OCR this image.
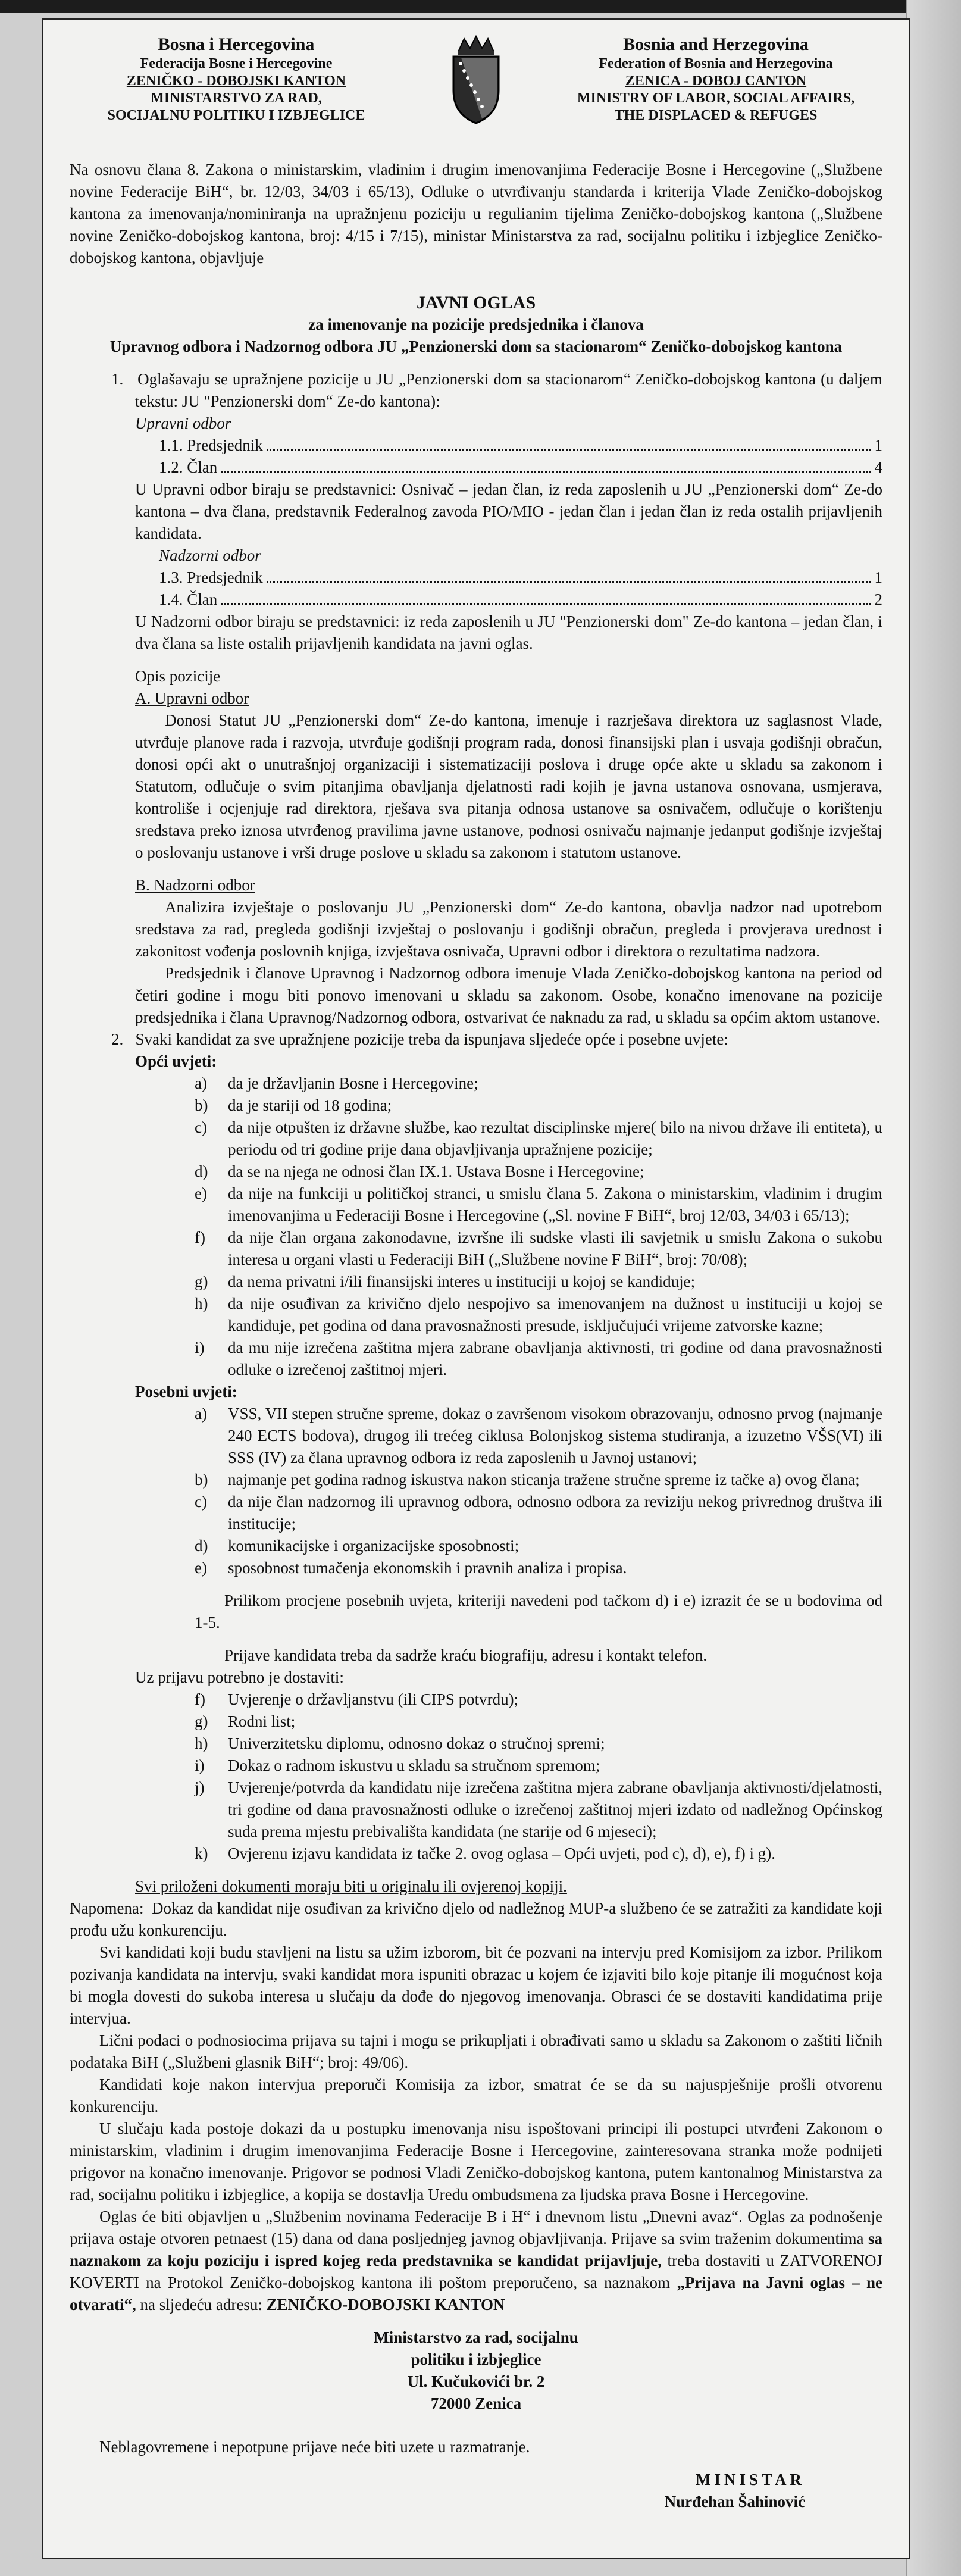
Bosna i Hercegovina
Federacija Bosne i Hercegovine
ZENIČKO - DOBOJSKI KANTON
MINISTARSTVO ZA RAD,
SOCIJALNU POLITIKU I IZBJEGLICE
Bosnia and Herzegovina
Federation of Bosnia and Herzegovina
ZENICA - DOBOJ CANTON
MINISTRY OF LABOR, SOCIAL AFFAIRS,
THE DISPLACED & REFUGES

Na osnovu člana 8. Zakona o ministarskim, vladinim i drugim imenovanjima Federacije Bosne i Hercegovine („Službene novine Federacije BiH“, br. 12/03, 34/03 i 65/13), Odluke o utvrđivanju standarda i kriterija Vlade Zeničko-dobojskog kantona za imenovanja/nominiranja na upražnjenu poziciju u regulianim tijelima Zeničko-dobojskog kantona („Službene novine Zeničko-dobojskog kantona, broj: 4/15 i 7/15), ministar Ministarstva za rad, socijalnu politiku i izbjeglice Zeničko-dobojskog kantona, objavljuje

JAVNI OGLAS
za imenovanje na pozicije predsjednika i članova
Upravnog odbora i Nadzornog odbora JU „Penzionerski dom sa stacionarom“ Zeničko-dobojskog kantona

1. Oglašavaju se upražnjene pozicije u JU „Penzionerski dom sa stacionarom“ Zeničko-dobojskog kantona (u daljem tekstu: JU "Penzionerski dom“ Ze-do kantona):

Upravni odbor
1.1. Predsjednik	1
1.2. Član	4

U Upravni odbor biraju se predstavnici: Osnivač – jedan član, iz reda zaposlenih u JU „Penzionerski dom“ Ze-do kantona – dva člana, predstavnik Federalnog zavoda PIO/MIO - jedan član i jedan član iz reda ostalih prijavljenih kandidata.

Nadzorni odbor
1.3. Predsjednik	1
1.4. Član	2

U Nadzorni odbor biraju se predstavnici: iz reda zaposlenih u JU "Penzionerski dom" Ze-do kantona – jedan član, i dva člana sa liste ostalih prijavljenih kandidata na javni oglas.

Opis pozicije
A. Upravni odbor

Donosi Statut JU „Penzionerski dom“ Ze-do kantona, imenuje i razrješava direktora uz saglasnost Vlade, utvrđuje planove rada i razvoja, utvrđuje godišnji program rada, donosi finansijski plan i usvaja godišnji obračun, donosi opći akt o unutrašnjoj organizaciji i sistematizaciji poslova i druge opće akte u skladu sa zakonom i Statutom, odlučuje o svim pitanjima obavljanja djelatnosti radi kojih je javna ustanova osnovana, usmjerava, kontroliše i ocjenjuje rad direktora, rješava sva pitanja odnosa ustanove sa osnivačem, odlučuje o korištenju sredstava preko iznosa utvrđenog pravilima javne ustanove, podnosi osnivaču najmanje jedanput godišnje izvještaj o poslovanju ustanove i vrši druge poslove u skladu sa zakonom i statutom ustanove.

B. Nadzorni odbor

Analizira izvještaje o poslovanju JU „Penzionerski dom“ Ze-do kantona, obavlja nadzor nad upotrebom sredstava za rad, pregleda godišnji izvještaj o poslovanju i godišnji obračun, pregleda i provjerava urednost i zakonitost vođenja poslovnih knjiga, izvještava osnivača, Upravni odbor i direktora o rezultatima nadzora.

Predsjednik i članove Upravnog i Nadzornog odbora imenuje Vlada Zeničko-dobojskog kantona na period od četiri godine i mogu biti ponovo imenovani u skladu sa zakonom. Osobe, konačno imenovane na pozicije predsjednika i člana Upravnog/Nadzornog odbora, ostvarivat će naknadu za rad, u skladu sa općim aktom ustanove.

2. Svaki kandidat za sve upražnjene pozicije treba da ispunjava sljedeće opće i posebne uvjete:

Opći uvjeti:
a)	da je državljanin Bosne i Hercegovine;
b)	da je stariji od 18 godina;
c)	da nije otpušten iz državne službe, kao rezultat disciplinske mjere( bilo na nivou države ili entiteta), u periodu od tri godine prije dana objavljivanja upražnjene pozicije;
d)	da se na njega ne odnosi član IX.1. Ustava Bosne i Hercegovine;
e)	da nije na funkciji u političkoj stranci, u smislu člana 5. Zakona o ministarskim, vladinim i drugim imenovanjima u Federaciji Bosne i Hercegovine („Sl. novine F BiH“, broj 12/03, 34/03 i 65/13);
f)	da nije član organa zakonodavne, izvršne ili sudske vlasti ili savjetnik u smislu Zakona o sukobu interesa u organi vlasti u Federaciji BiH („Službene novine F BiH“, broj: 70/08);
g)	da nema privatni i/ili finansijski interes u instituciji u kojoj se kandiduje;
h)	da nije osuđivan za krivično djelo nespojivo sa imenovanjem na dužnost u instituciji u kojoj se kandiduje, pet godina od dana pravosnažnosti presude, isključujući vrijeme zatvorske kazne;
i)	da mu nije izrečena zaštitna mjera zabrane obavljanja aktivnosti, tri godine od dana pravosnažnosti odluke o izrečenoj zaštitnoj mjeri.
Posebni uvjeti:
a)	VSS, VII stepen stručne spreme, dokaz o završenom visokom obrazovanju, odnosno prvog (najmanje 240 ECTS bodova), drugog ili trećeg ciklusa Bolonjskog sistema studiranja, a izuzetno VŠS(VI) ili SSS (IV) za člana upravnog odbora iz reda zaposlenih u Javnoj ustanovi;
b)	najmanje pet godina radnog iskustva nakon sticanja tražene stručne spreme iz tačke a) ovog člana;
c)	da nije član nadzornog ili upravnog odbora, odnosno odbora za reviziju nekog privrednog društva ili institucije;
d)	komunikacijske i organizacijske sposobnosti;
e)	sposobnost tumačenja ekonomskih i pravnih analiza i propisa.

Prilikom procjene posebnih uvjeta, kriteriji navedeni pod tačkom d) i e) izrazit će se u bodovima od 1-5.

Prijave kandidata treba da sadrže kraću biografiju, adresu i kontakt telefon.

Uz prijavu potrebno je dostaviti:
f)	Uvjerenje o državljanstvu (ili CIPS potvrdu);
g)	Rodni list;
h)	Univerzitetsku diplomu, odnosno dokaz o stručnoj spremi;
i)	Dokaz o radnom iskustvu u skladu sa stručnom spremom;
j)	Uvjerenje/potvrda da kandidatu nije izrečena zaštitna mjera zabrane obavljanja aktivnosti/djelatnosti, tri godine od dana pravosnažnosti odluke o izrečenoj zaštitnoj mjeri izdato od nadležnog Općinskog suda prema mjestu prebivališta kandidata (ne starije od 6 mjeseci);
k)	Ovjerenu izjavu kandidata iz tačke 2. ovog oglasa – Opći uvjeti, pod c), d), e), f) i g).
Svi priloženi dokumenti moraju biti u originalu ili ovjerenoj kopiji.

Napomena: Dokaz da kandidat nije osuđivan za krivično djelo od nadležnog MUP-a službeno će se zatražiti za kandidate koji prođu užu konkurenciju.

Svi kandidati koji budu stavljeni na listu sa užim izborom, bit će pozvani na intervju pred Komisijom za izbor. Prilikom pozivanja kandidata na intervju, svaki kandidat mora ispuniti obrazac u kojem će izjaviti bilo koje pitanje ili mogućnost koja bi mogla dovesti do sukoba interesa u slučaju da dođe do njegovog imenovanja. Obrasci će se dostaviti kandidatima prije intervjua.

Lični podaci o podnosiocima prijava su tajni i mogu se prikupljati i obrađivati samo u skladu sa Zakonom o zaštiti ličnih podataka BiH („Službeni glasnik BiH“; broj: 49/06).

Kandidati koje nakon intervjua preporuči Komisija za izbor, smatrat će se da su najuspješnije prošli otvorenu konkurenciju.

U slučaju kada postoje dokazi da u postupku imenovanja nisu ispoštovani principi ili postupci utvrđeni Zakonom o ministarskim, vladinim i drugim imenovanjima Federacije Bosne i Hercegovine, zainteresovana stranka može podnijeti prigovor na konačno imenovanje. Prigovor se podnosi Vladi Zeničko-dobojskog kantona, putem kantonalnog Ministarstva za rad, socijalnu politiku i izbjeglice, a kopija se dostavlja Uredu ombudsmena za ljudska prava Bosne i Hercegovine.

Oglas će biti objavljen u „Službenim novinama Federacije B i H“ i dnevnom listu „Dnevni avaz“. Oglas za podnošenje prijava ostaje otvoren petnaest (15) dana od dana posljednjeg javnog objavljivanja. Prijave sa svim traženim dokumentima sa naznakom za koju poziciju i ispred kojeg reda predstavnika se kandidat prijavljuje, treba dostaviti u ZATVORENOJ KOVERTI na Protokol Zeničko-dobojskog kantona ili poštom preporučeno, sa naznakom „Prijava na Javni oglas – ne otvarati“, na sljedeću adresu: ZENIČKO-DOBOJSKI KANTON

Ministarstvo za rad, socijalnu
politiku i izbjeglice
Ul. Kučukovići br. 2
72000 Zenica

Neblagovremene i nepotpune prijave neće biti uzete u razmatranje.

MINISTAR
Nurđehan Šahinović
